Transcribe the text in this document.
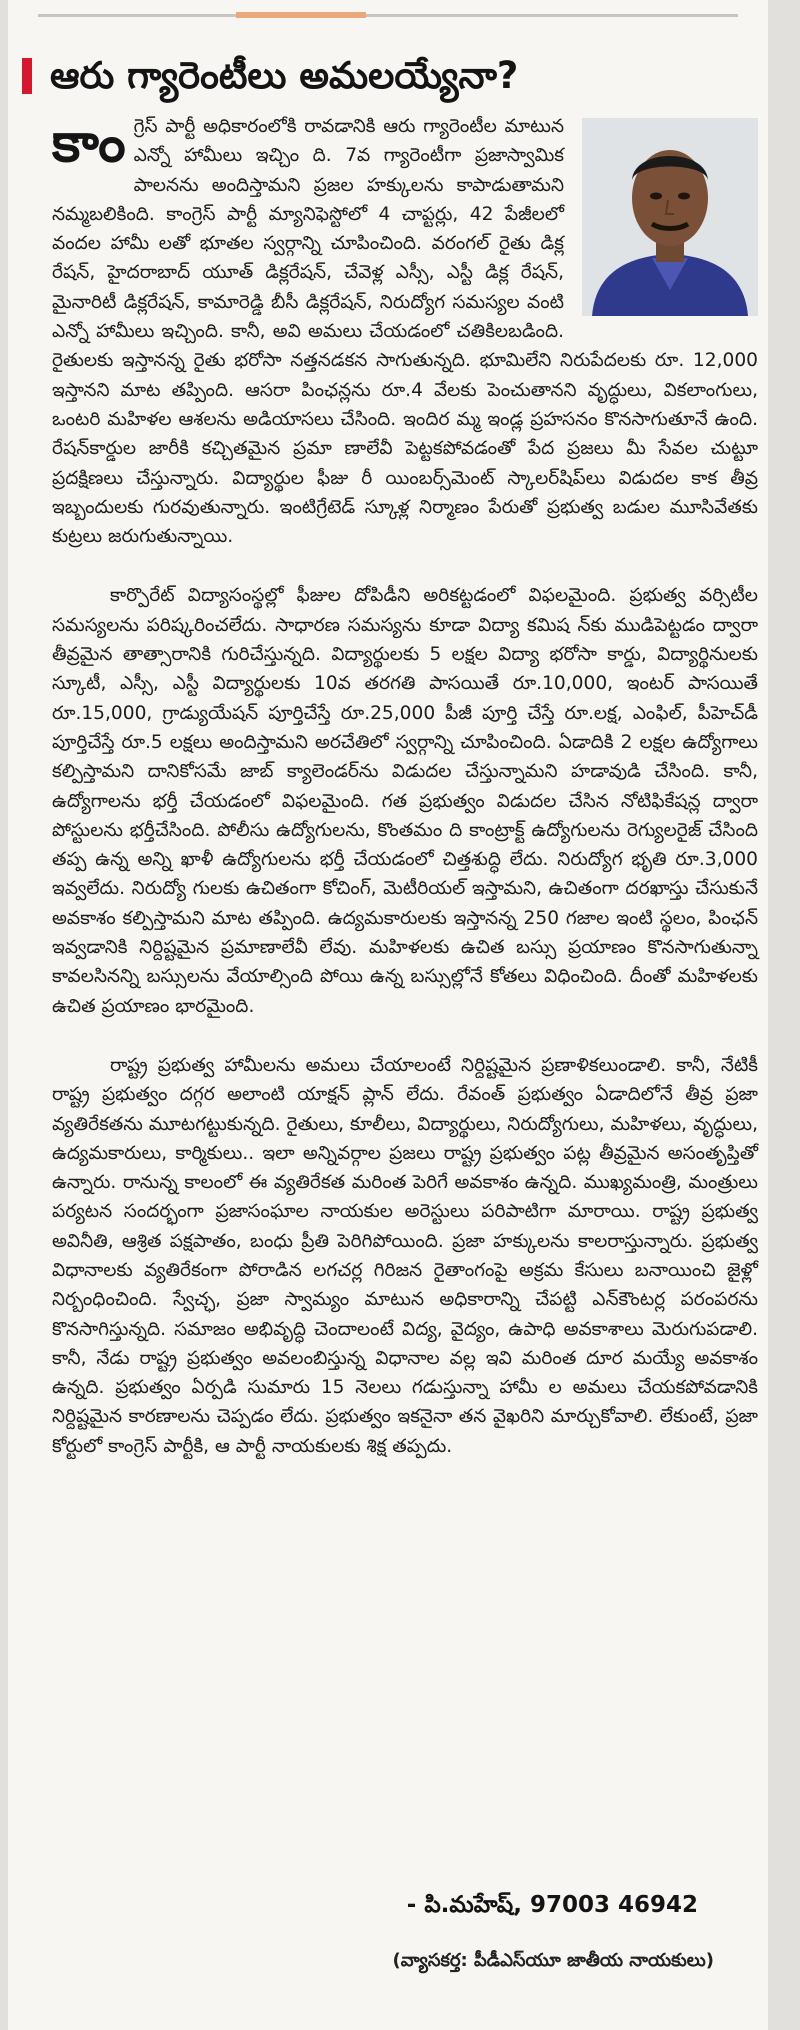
ఆరు గ్యారెంటీలు అమలయ్యేనా?
కాం గ్రెస్ పార్టీ అధికారంలోకి రావడానికి ఆరు గ్యారెంటీల మాటున ఎన్నో హామీలు ఇచ్చిం ది. 7వ గ్యారెంటీగా ప్రజాస్వామిక పాలనను అందిస్తామని ప్రజల హక్కులను కాపాడుతామని నమ్మబలికింది. కాంగ్రెస్ పార్టీ మ్యానిఫెస్టోలో 4 చాప్టర్లు, 42 పేజీలలో వందల హామీ లతో భూతల స్వర్గాన్ని చూపించింది. వరంగల్ రైతు డిక్ల రేషన్, హైదరాబాద్ యూత్ డిక్లరేషన్, చేవెళ్ల ఎస్సీ, ఎస్టీ డిక్ల రేషన్, మైనారిటీ డిక్లరేషన్, కామారెడ్డి బీసీ డిక్లరేషన్, నిరుద్యోగ సమస్యల వంటి ఎన్నో హామీలు ఇచ్చింది. కానీ, అవి అమలు చేయడంలో చతికిలబడింది. రైతులకు ఇస్తానన్న రైతు భరోసా నత్తనడకన సాగుతున్నది. భూమిలేని నిరుపేదలకు రూ. 12,000 ఇస్తానని మాట తప్పింది. ఆసరా పింఛన్లను రూ.4 వేలకు పెంచుతానని వృద్ధులు, వికలాంగులు, ఒంటరి మహిళల ఆశలను అడియాసలు చేసింది. ఇందిర మ్మ ఇండ్ల ప్రహసనం కొనసాగుతూనే ఉంది. రేషన్‌కార్డుల జారీకి కచ్చితమైన ప్రమా ణాలేవీ పెట్టకపోవడంతో పేద ప్రజలు మీ సేవల చుట్టూ ప్రదక్షిణలు చేస్తున్నారు. విద్యార్థుల ఫీజు రీ యింబర్స్‌మెంట్ స్కాలర్‌షిప్‌లు విడుదల కాక తీవ్ర ఇబ్బందులకు గురవుతున్నారు. ఇంటిగ్రేటెడ్ స్కూళ్ల నిర్మాణం పేరుతో ప్రభుత్వ బడుల మూసివేతకు కుట్రలు జరుగుతున్నాయి.

కార్పొరేట్ విద్యాసంస్థల్లో ఫీజుల దోపిడీని అరికట్టడంలో విఫలమైంది. ప్రభుత్వ వర్సిటీల సమస్యలను పరిష్కరించలేదు. సాధారణ సమస్యను కూడా విద్యా కమిష న్‌కు ముడిపెట్టడం ద్వారా తీవ్రమైన తాత్సారానికి గురిచేస్తున్నది. విద్యార్థులకు 5 లక్షల విద్యా భరోసా కార్డు, విద్యార్థినులకు స్కూటీ, ఎస్సీ, ఎస్టీ విద్యార్థులకు 10వ తరగతి పాసయితే రూ.10,000, ఇంటర్ పాసయితే రూ.15,000, గ్రాడ్యుయేషన్ పూర్తిచేస్తే రూ.25,000 పీజీ పూర్తి చేస్తే రూ.లక్ష, ఎంఫిల్, పీహెచ్‌డీ పూర్తిచేస్తే రూ.5 లక్షలు అందిస్తామని అరచేతిలో స్వర్గాన్ని చూపించింది. ఏడాదికి 2 లక్షల ఉద్యోగాలు కల్పిస్తామని దానికోసమే జాబ్ క్యాలెండర్‌ను విడుదల చేస్తున్నామని హడావుడి చేసింది. కానీ, ఉద్యోగాలను భర్తీ చేయడంలో విఫలమైంది. గత ప్రభుత్వం విడుదల చేసిన నోటిఫికేషన్ల ద్వారా పోస్టులను భర్తీచేసింది. పోలీసు ఉద్యోగులను, కొంతమం ది కాంట్రాక్ట్ ఉద్యోగులను రెగ్యులరైజ్ చేసింది తప్ప ఉన్న అన్ని ఖాళీ ఉద్యోగులను భర్తీ చేయడంలో చిత్తశుద్ధి లేదు. నిరుద్యోగ భృతి రూ.3,000 ఇవ్వలేదు. నిరుద్యో గులకు ఉచితంగా కోచింగ్, మెటీరియల్ ఇస్తామని, ఉచితంగా దరఖాస్తు చేసుకునే అవకాశం కల్పిస్తామని మాట తప్పింది. ఉద్యమకారులకు ఇస్తానన్న 250 గజాల ఇంటి స్థలం, పింఛన్ ఇవ్వడానికి నిర్దిష్టమైన ప్రమాణాలేవీ లేవు. మహిళలకు ఉచిత బస్సు ప్రయాణం కొనసాగుతున్నా కావలసినన్ని బస్సులను వేయాల్సింది పోయి ఉన్న బస్సుల్లోనే కోతలు విధించింది. దీంతో మహిళలకు ఉచిత ప్రయాణం భారమైంది.

రాష్ట్ర ప్రభుత్వ హామీలను అమలు చేయాలంటే నిర్దిష్టమైన ప్రణాళికలుండాలి. కానీ, నేటికీ రాష్ట్ర ప్రభుత్వం దగ్గర అలాంటి యాక్షన్ ప్లాన్ లేదు. రేవంత్ ప్రభుత్వం ఏడాదిలోనే తీవ్ర ప్రజా వ్యతిరేకతను మూటగట్టుకున్నది. రైతులు, కూలీలు, విద్యార్థులు, నిరుద్యోగులు, మహిళలు, వృద్ధులు, ఉద్యమకారులు, కార్మికులు.. ఇలా అన్నివర్గాల ప్రజలు రాష్ట్ర ప్రభుత్వం పట్ల తీవ్రమైన అసంతృప్తితో ఉన్నారు. రానున్న కాలంలో ఈ వ్యతిరేకత మరింత పెరిగే అవకాశం ఉన్నది. ముఖ్యమంత్రి, మంత్రులు పర్యటన సందర్భంగా ప్రజాసంఘాల నాయకుల అరెస్టులు పరిపాటిగా మారాయి. రాష్ట్ర ప్రభుత్వ అవినీతి, ఆశ్రిత పక్షపాతం, బంధు ప్రీతి పెరిగిపోయింది. ప్రజా హక్కులను కాలరాస్తున్నారు. ప్రభుత్వ విధానాలకు వ్యతిరేకంగా పోరాడిన లగచర్ల గిరిజన రైతాంగంపై అక్రమ కేసులు బనాయించి జైళ్లో నిర్బంధించింది. స్వేచ్ఛ, ప్రజా స్వామ్యం మాటున అధికారాన్ని చేపట్టి ఎన్‌కౌంటర్ల పరంపరను కొనసాగిస్తున్నది. సమాజం అభివృద్ధి చెందాలంటే విద్య, వైద్యం, ఉపాధి అవకాశాలు మెరుగుపడాలి. కానీ, నేడు రాష్ట్ర ప్రభుత్వం అవలంబిస్తున్న విధానాల వల్ల ఇవి మరింత దూర మయ్యే అవకాశం ఉన్నది. ప్రభుత్వం ఏర్పడి సుమారు 15 నెలలు గడుస్తున్నా హామీ ల అమలు చేయకపోవడానికి నిర్దిష్టమైన కారణాలను చెప్పడం లేదు. ప్రభుత్వం ఇకనైనా తన వైఖరిని మార్చుకోవాలి. లేకుంటే, ప్రజా కోర్టులో కాంగ్రెస్ పార్టీకి, ఆ పార్టీ నాయకులకు శిక్ష తప్పదు.

- పి.మహేష్, 97003 46942
(వ్యాసకర్త: పీడీఎస్‌యూ జాతీయ నాయకులు)
